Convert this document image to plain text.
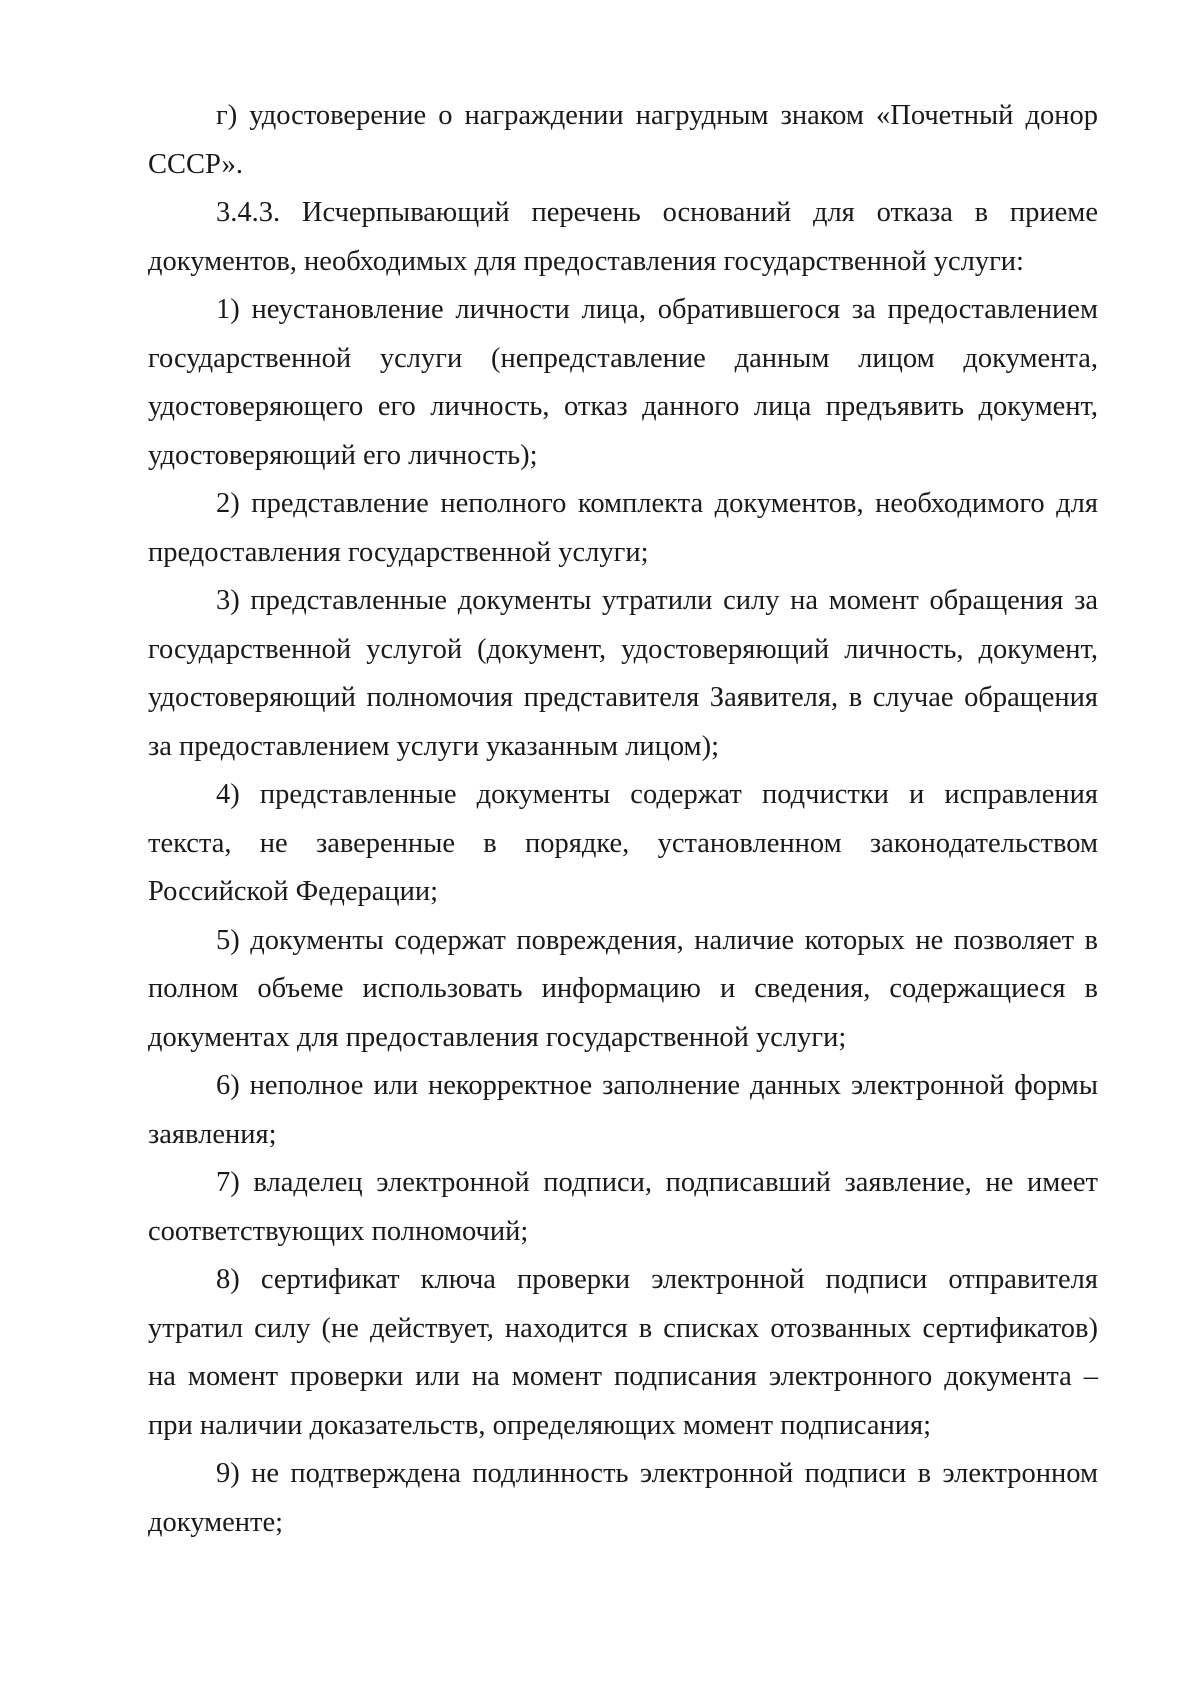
г) удостоверение о награждении нагрудным знаком «Почетный донор СССР».

3.4.3. Исчерпывающий перечень оснований для отказа в приеме документов, необходимых для предоставления государственной услуги:

1) неустановление личности лица, обратившегося за предоставлением государственной услуги (непредставление данным лицом документа, удостоверяющего его личность, отказ данного лица предъявить документ, удостоверяющий его личность);

2) представление неполного комплекта документов, необходимого для предоставления государственной услуги;

3) представленные документы утратили силу на момент обращения за государственной услугой (документ, удостоверяющий личность, документ, удостоверяющий полномочия представителя Заявителя, в случае обращения за предоставлением услуги указанным лицом);

4) представленные документы содержат подчистки и исправления текста, не заверенные в порядке, установленном законодательством Российской Федерации;

5) документы содержат повреждения, наличие которых не позволяет в полном объеме использовать информацию и сведения, содержащиеся в документах для предоставления государственной услуги;

6) неполное или некорректное заполнение данных электронной формы заявления;

7) владелец электронной подписи, подписавший заявление, не имеет соответствующих полномочий;

8) сертификат ключа проверки электронной подписи отправителя утратил силу (не действует, находится в списках отозванных сертификатов) на момент проверки или на момент подписания электронного документа – при наличии доказательств, определяющих момент подписания;

9) не подтверждена подлинность электронной подписи в электронном документе;
